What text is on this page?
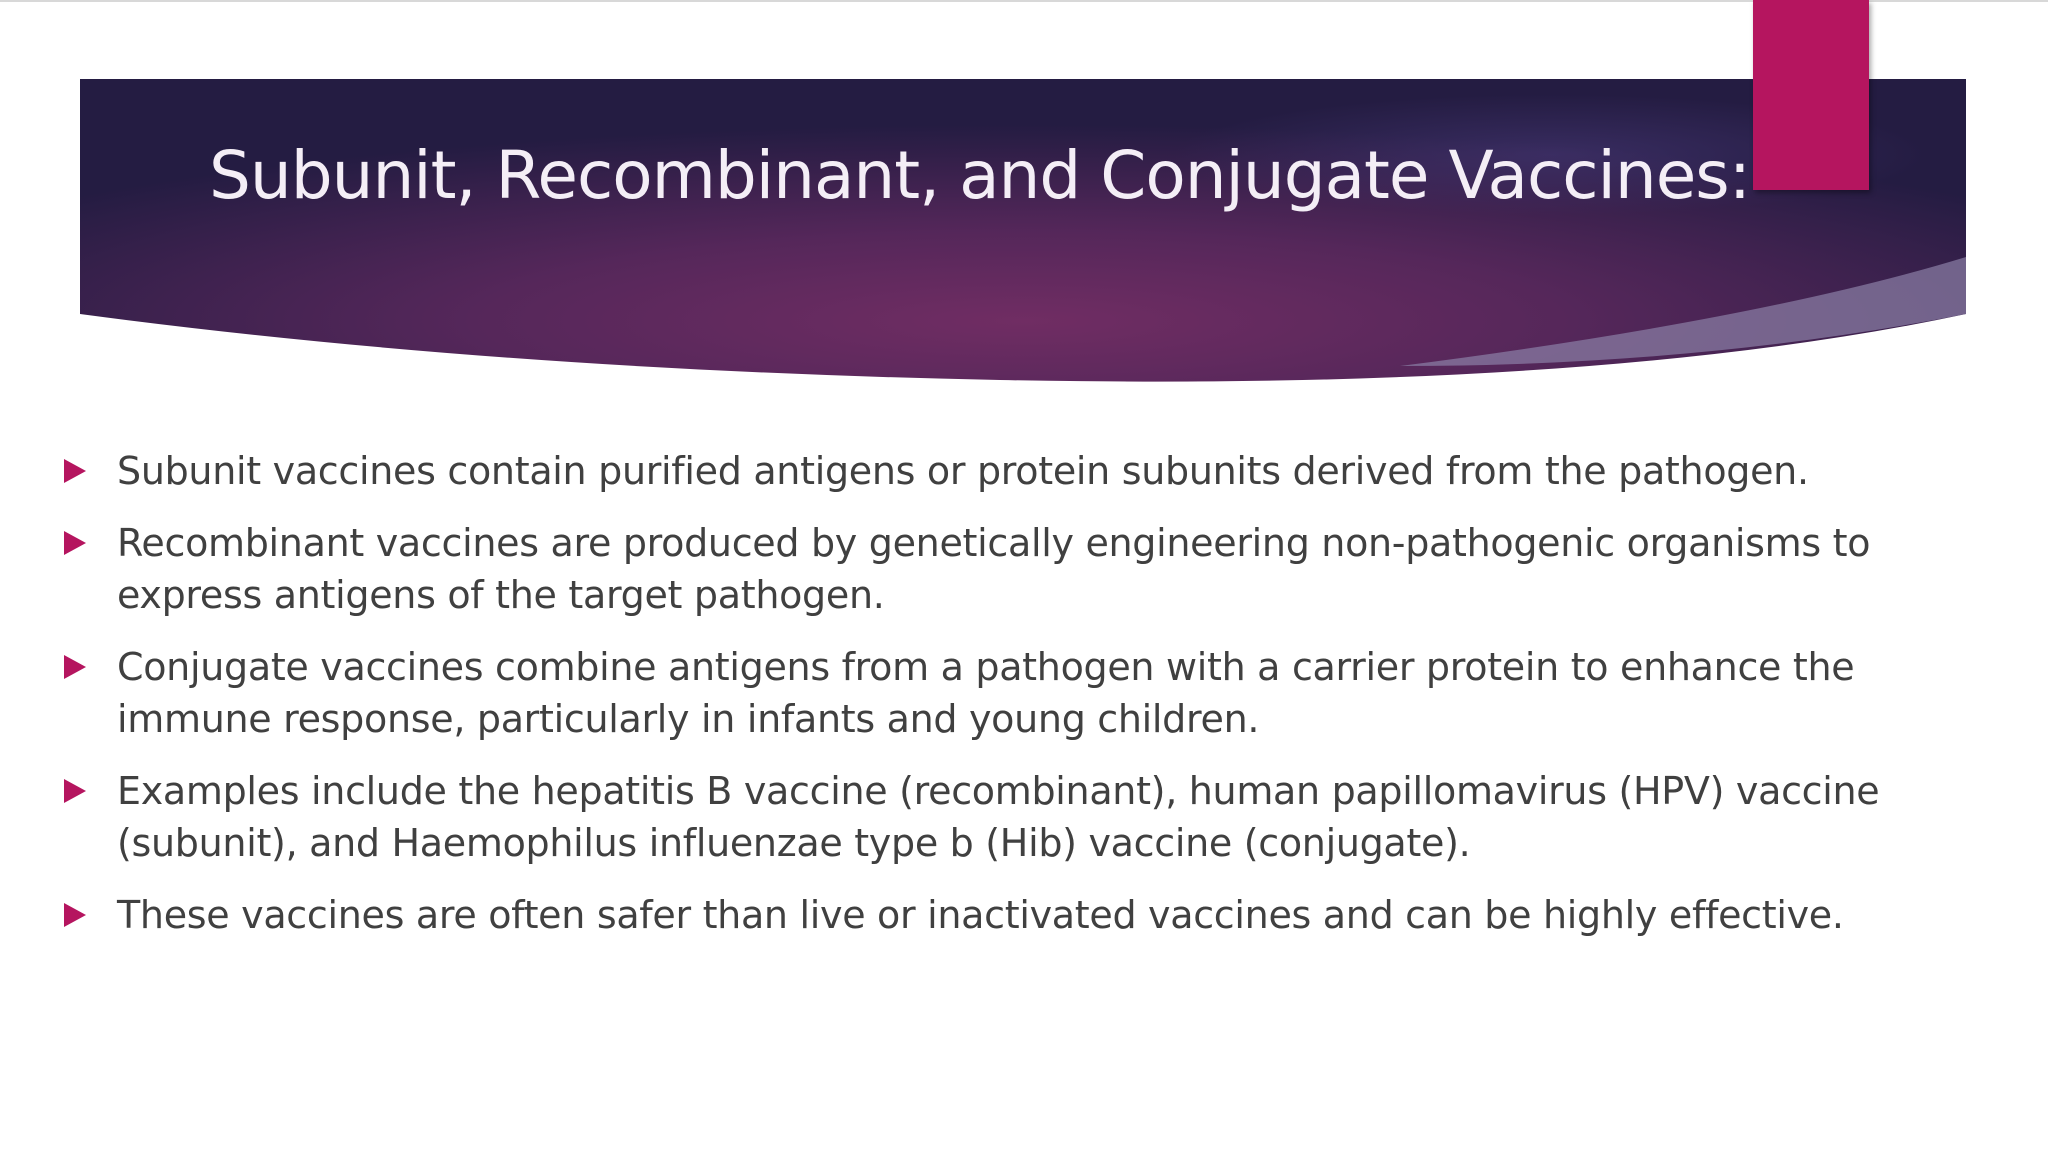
Subunit, Recombinant, and Conjugate Vaccines:
Subunit vaccines contain purified antigens or protein subunits derived from the pathogen.
Recombinant vaccines are produced by genetically engineering non-pathogenic organisms to express antigens of the target pathogen.
Conjugate vaccines combine antigens from a pathogen with a carrier protein to enhance the immune response, particularly in infants and young children.
Examples include the hepatitis B vaccine (recombinant), human papillomavirus (HPV) vaccine (subunit), and Haemophilus influenzae type b (Hib) vaccine (conjugate).
These vaccines are often safer than live or inactivated vaccines and can be highly effective.
